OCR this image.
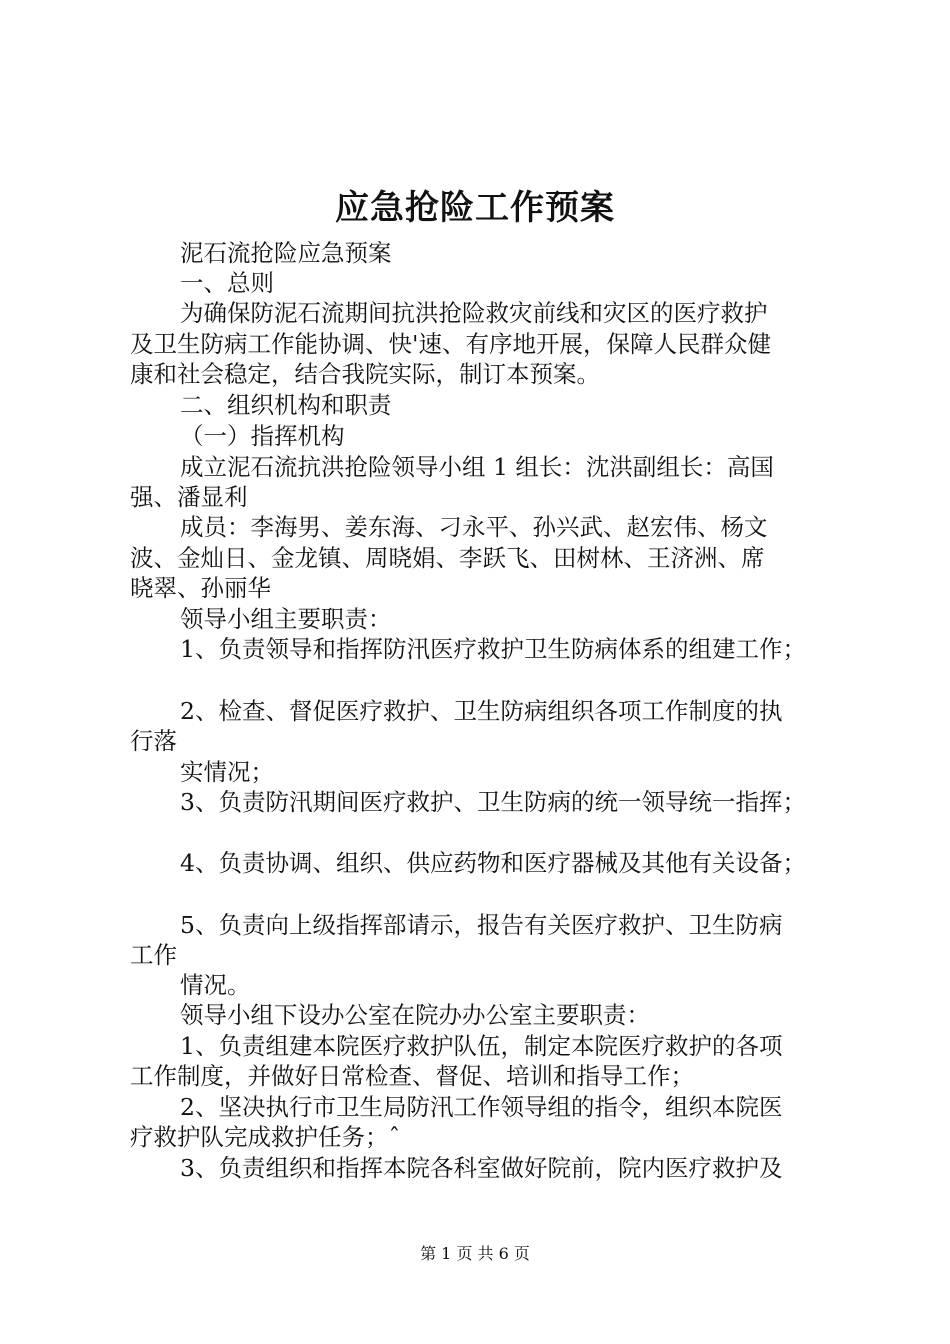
应急抢险工作预案
泥石流抢险应急预案
一、总则
为确保防泥石流期间抗洪抢险救灾前线和灾区的医疗救护
及卫生防病工作能协调、快'速、有序地开展，保障人民群众健
康和社会稳定，结合我院实际，制订本预案。
二、组织机构和职责
（一）指挥机构
成立泥石流抗洪抢险领导小组 1 组长：沈洪副组长：高国
强、潘显利
成员：李海男、姜东海、刁永平、孙兴武、赵宏伟、杨文
波、金灿日、金龙镇、周晓娟、李跃飞、田树林、王济洲、席
晓翠、孙丽华
领导小组主要职责：
1、负责领导和指挥防汛医疗救护卫生防病体系的组建工作；
2、检查、督促医疗救护、卫生防病组织各项工作制度的执
行落
实情况；
3、负责防汛期间医疗救护、卫生防病的统一领导统一指挥；
4、负责协调、组织、供应药物和医疗器械及其他有关设备；
5、负责向上级指挥部请示，报告有关医疗救护、卫生防病
工作
情况。
领导小组下设办公室在院办办公室主要职责：
1、负责组建本院医疗救护队伍，制定本院医疗救护的各项
工作制度，并做好日常检查、督促、培训和指导工作；
2、坚决执行市卫生局防汛工作领导组的指令，组织本院医
疗救护队完成救护任务；ˆ
3、负责组织和指挥本院各科室做好院前，院内医疗救护及
第 1 页 共 6 页
